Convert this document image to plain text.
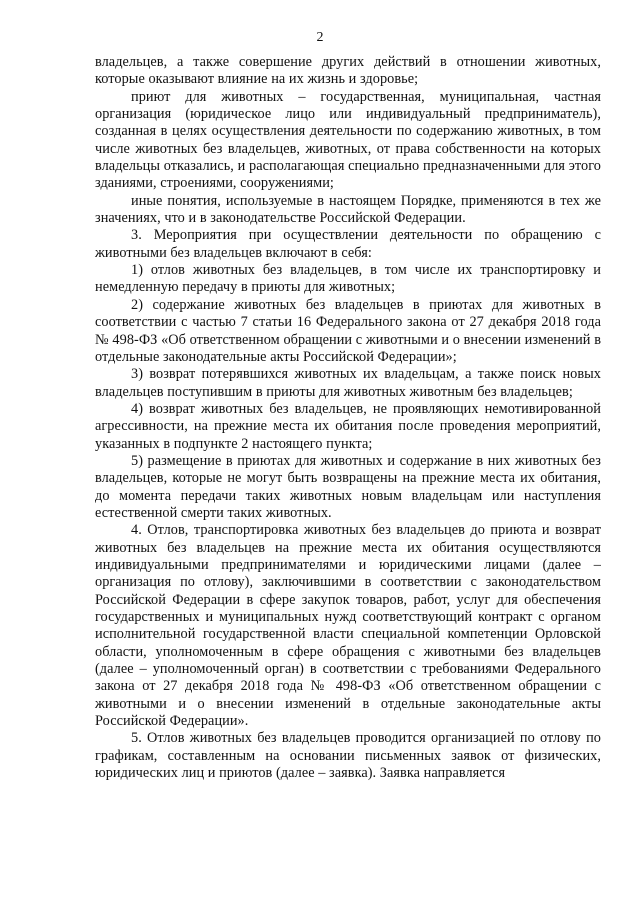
2

владельцев, а также совершение других действий в отношении животных, которые оказывают влияние на их жизнь и здоровье;

приют для животных – государственная, муниципальная, частная организация (юридическое лицо или индивидуальный предприниматель), созданная в целях осуществления деятельности по содержанию животных, в том числе животных без владельцев, животных, от права собственности на которых владельцы отказались, и располагающая специально предназначенными для этого зданиями, строениями, сооружениями;

иные понятия, используемые в настоящем Порядке, применяются в тех же значениях, что и в законодательстве Российской Федерации.

3. Мероприятия при осуществлении деятельности по обращению с животными без владельцев включают в себя:

1) отлов животных без владельцев, в том числе их транспортировку и немедленную передачу в приюты для животных;

2) содержание животных без владельцев в приютах для животных в соответствии с частью 7 статьи 16 Федерального закона от 27 декабря 2018 года № 498-ФЗ «Об ответственном обращении с животными и о внесении изменений в отдельные законодательные акты Российской Федерации»;

3) возврат потерявшихся животных их владельцам, а также поиск новых владельцев поступившим в приюты для животных животным без владельцев;

4) возврат животных без владельцев, не проявляющих немотивированной агрессивности, на прежние места их обитания после проведения мероприятий, указанных в подпункте 2 настоящего пункта;

5) размещение в приютах для животных и содержание в них животных без владельцев, которые не могут быть возвращены на прежние места их обитания, до момента передачи таких животных новым владельцам или наступления естественной смерти таких животных.

4. Отлов, транспортировка животных без владельцев до приюта и возврат животных без владельцев на прежние места их обитания осуществляются индивидуальными предпринимателями и юридическими лицами (далее – организация по отлову), заключившими в соответствии с законодательством Российской Федерации в сфере закупок товаров, работ, услуг для обеспечения государственных и муниципальных нужд соответствующий контракт с органом исполнительной государственной власти специальной компетенции Орловской области, уполномоченным в сфере обращения с животными без владельцев (далее – уполномоченный орган) в соответствии с требованиями Федерального закона от 27 декабря 2018 года № 498-ФЗ «Об ответственном обращении с животными и о внесении изменений в отдельные законодательные акты Российской Федерации».

5. Отлов животных без владельцев проводится организацией по отлову по графикам, составленным на основании письменных заявок от физических, юридических лиц и приютов (далее – заявка). Заявка направляется
